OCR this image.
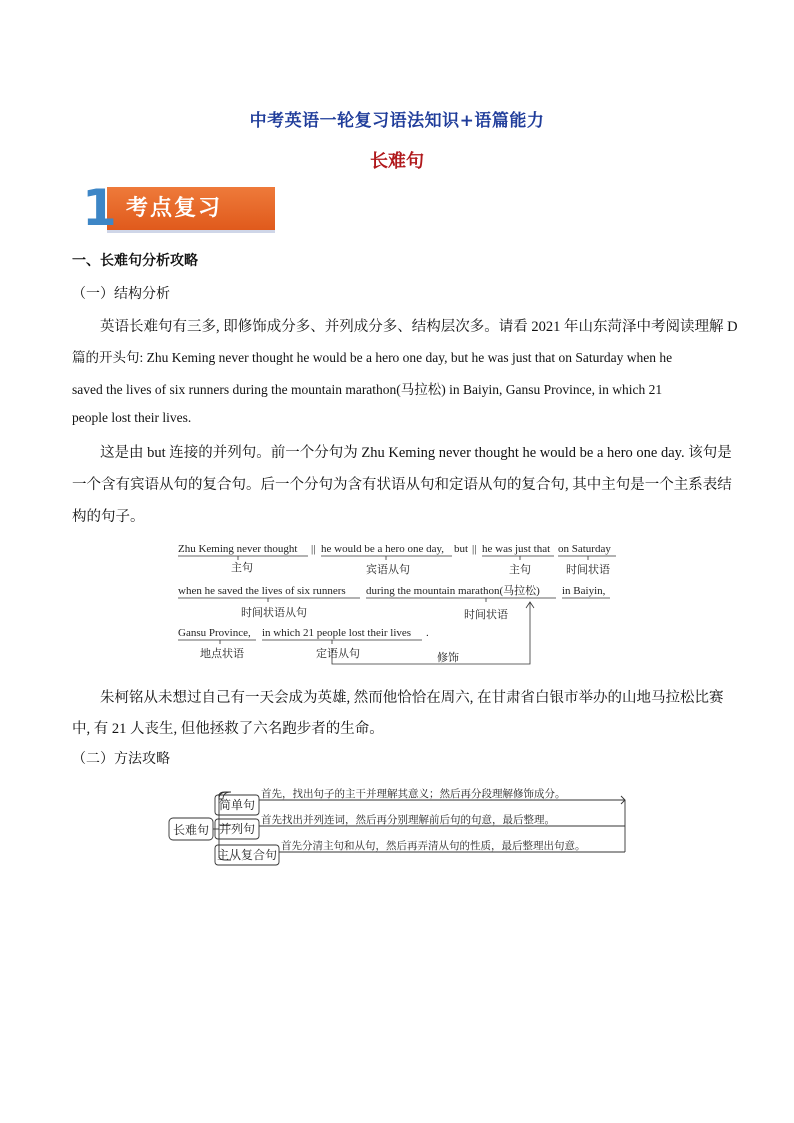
中考英语一轮复习语法知识+语篇能力
长难句
1 考点复习
一、长难句分析攻略
（一）结构分析
英语长难句有三多, 即修饰成分多、并列成分多、结构层次多。请看 2021 年山东菏泽中考阅读理解 D
篇的开头句: Zhu Keming never thought he would be a hero one day, but he was just that on Saturday when he
saved the lives of six runners during the mountain marathon(马拉松) in Baiyin, Gansu Province, in which 21
people lost their lives.
这是由 but 连接的并列句。前一个分句为 Zhu Keming never thought he would be a hero one day. 该句是
一个含有宾语从句的复合句。后一个分句为含有状语从句和定语从句的复合句, 其中主句是一个主系表结
构的句子。
Zhu Keming never thought || he would be a hero one day, but || he was just that on Saturday
主句	宾语从句	主句	时间状语
when he saved the lives of six runners during the mountain marathon(马拉松) in Baiyin,
时间状语从句	时间状语
Gansu Province, in which 21 people lost their lives .
地点状语	定语从句	修饰
朱柯铭从未想过自己有一天会成为英雄, 然而他恰恰在周六, 在甘肃省白银市举办的山地马拉松比赛
中, 有 21 人丧生, 但他拯救了六名跑步者的生命。
（二）方法攻略
长难句
简单句
并列句
主从复合句
首先，找出句子的主干并理解其意义；然后再分段理解修饰成分。
首先找出并列连词，然后再分别理解前后句的句意，最后整理。
首先分清主句和从句，然后再弄清从句的性质，最后整理出句意。
